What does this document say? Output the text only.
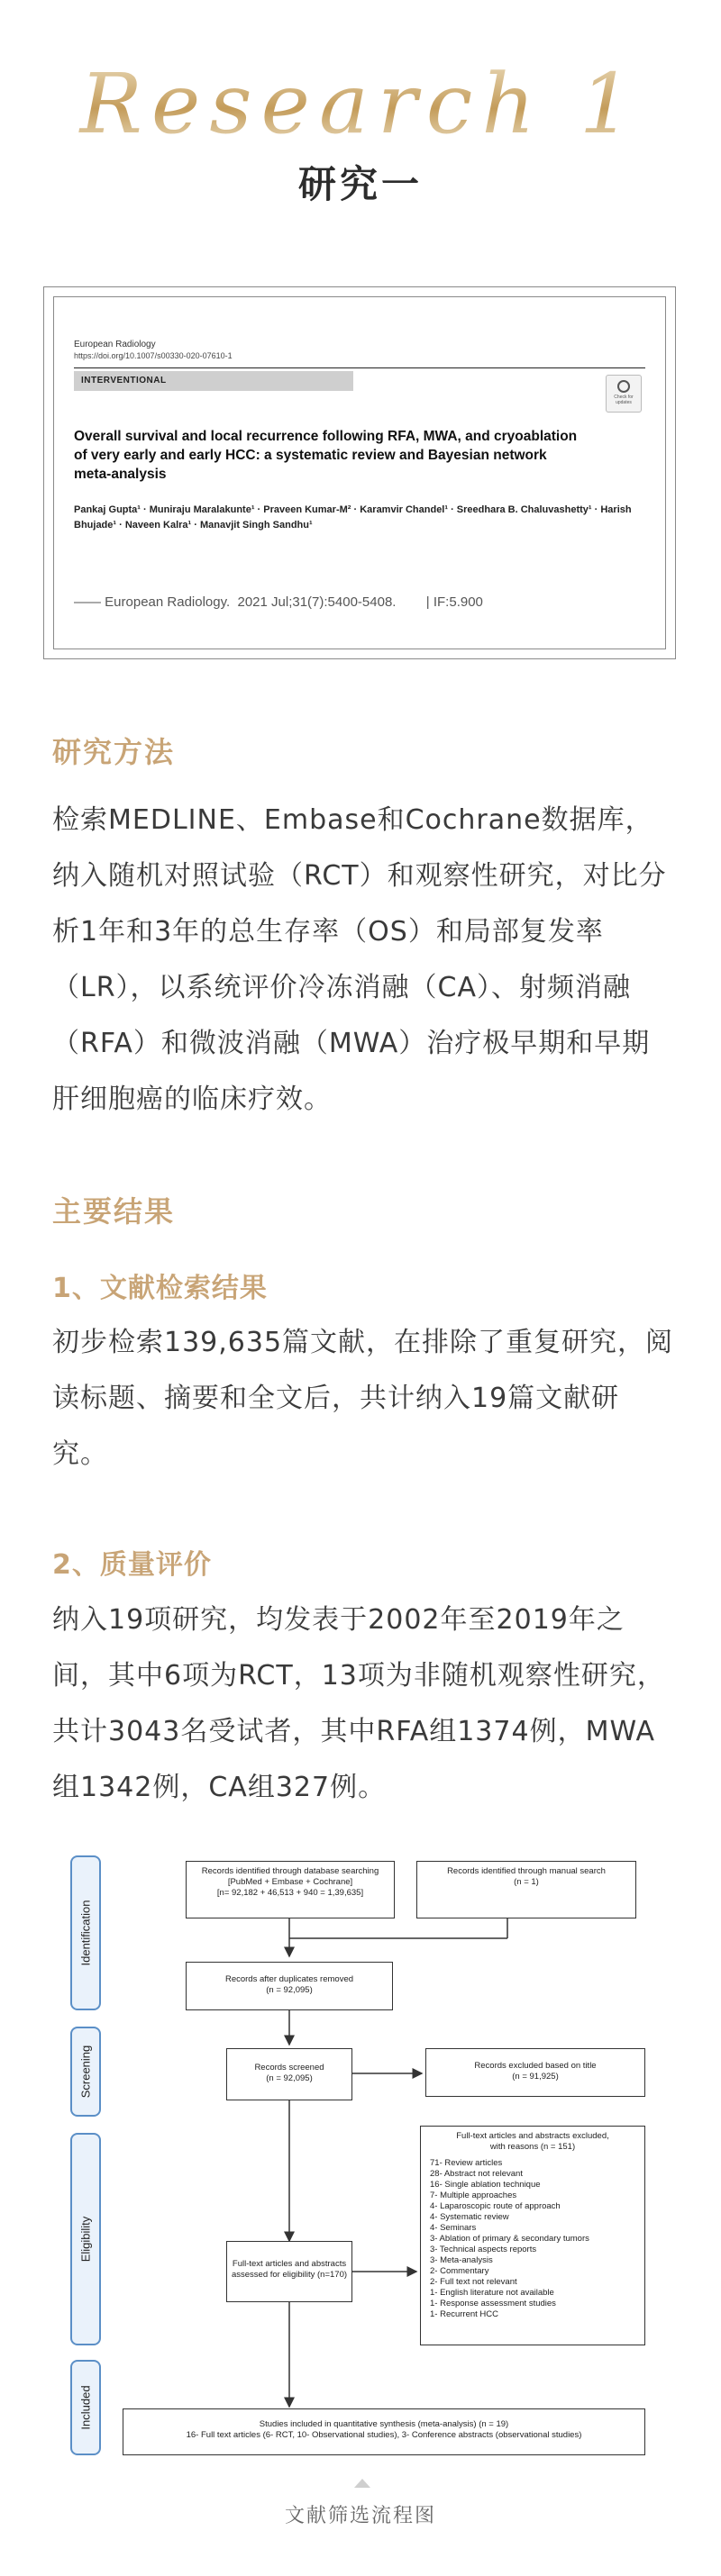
Research 1
研究一
European Radiology
https://doi.org/10.1007/s00330-020-07610-1
INTERVENTIONAL
Check for updates
Overall survival and local recurrence following RFA, MWA, and cryoablation of very early and early HCC: a systematic review and Bayesian network meta-analysis
Pankaj Gupta¹ · Muniraju Maralakunte¹ · Praveen Kumar-M² · Karamvir Chandel¹ · Sreedhara B. Chaluvashetty¹ · Harish Bhujade¹ · Naveen Kalra¹ · Manavjit Singh Sandhu¹
—— European Radiology.  2021 Jul;31(7):5400-5408.        | IF:5.900
研究方法
检索MEDLINE、Embase和Cochrane数据库，纳入随机对照试验（RCT）和观察性研究，对比分析1年和3年的总生存率（OS）和局部复发率（LR），以系统评价冷冻消融（CA）、射频消融（RFA）和微波消融（MWA）治疗极早期和早期肝细胞癌的临床疗效。
主要结果
1、文献检索结果
初步检索139,635篇文献，在排除了重复研究，阅读标题、摘要和全文后，共计纳入19篇文献研究。
2、质量评价
纳入19项研究，均发表于2002年至2019年之间，其中6项为RCT，13项为非随机观察性研究，共计3043名受试者，其中RFA组1374例，MWA组1342例，CA组327例。
Identification
Screening
Eligibility
Included
Records identified through database searching
[PubMed + Embase + Cochrane]
[n= 92,182 + 46,513 + 940 = 1,39,635]
Records identified through manual search
(n = 1)
Records after duplicates removed
(n = 92,095)
Records screened
(n = 92,095)
Records excluded based on title
(n = 91,925)
Full-text articles and abstracts
assessed for eligibility (n=170)
Full-text articles and abstracts excluded,
with reasons (n = 151)
71- Review articles
28- Abstract not relevant
16- Single ablation technique
7- Multiple approaches
4- Laparoscopic route of approach
4- Systematic review
4- Seminars
3- Ablation of primary & secondary tumors
3- Technical aspects reports
3- Meta-analysis
2- Commentary
2- Full text not relevant
1- English literature not available
1- Response assessment studies
1- Recurrent HCC
Studies included in quantitative synthesis (meta-analysis) (n = 19)
16- Full text articles (6- RCT, 10- Observational studies), 3- Conference abstracts (observational studies)
文献筛选流程图
